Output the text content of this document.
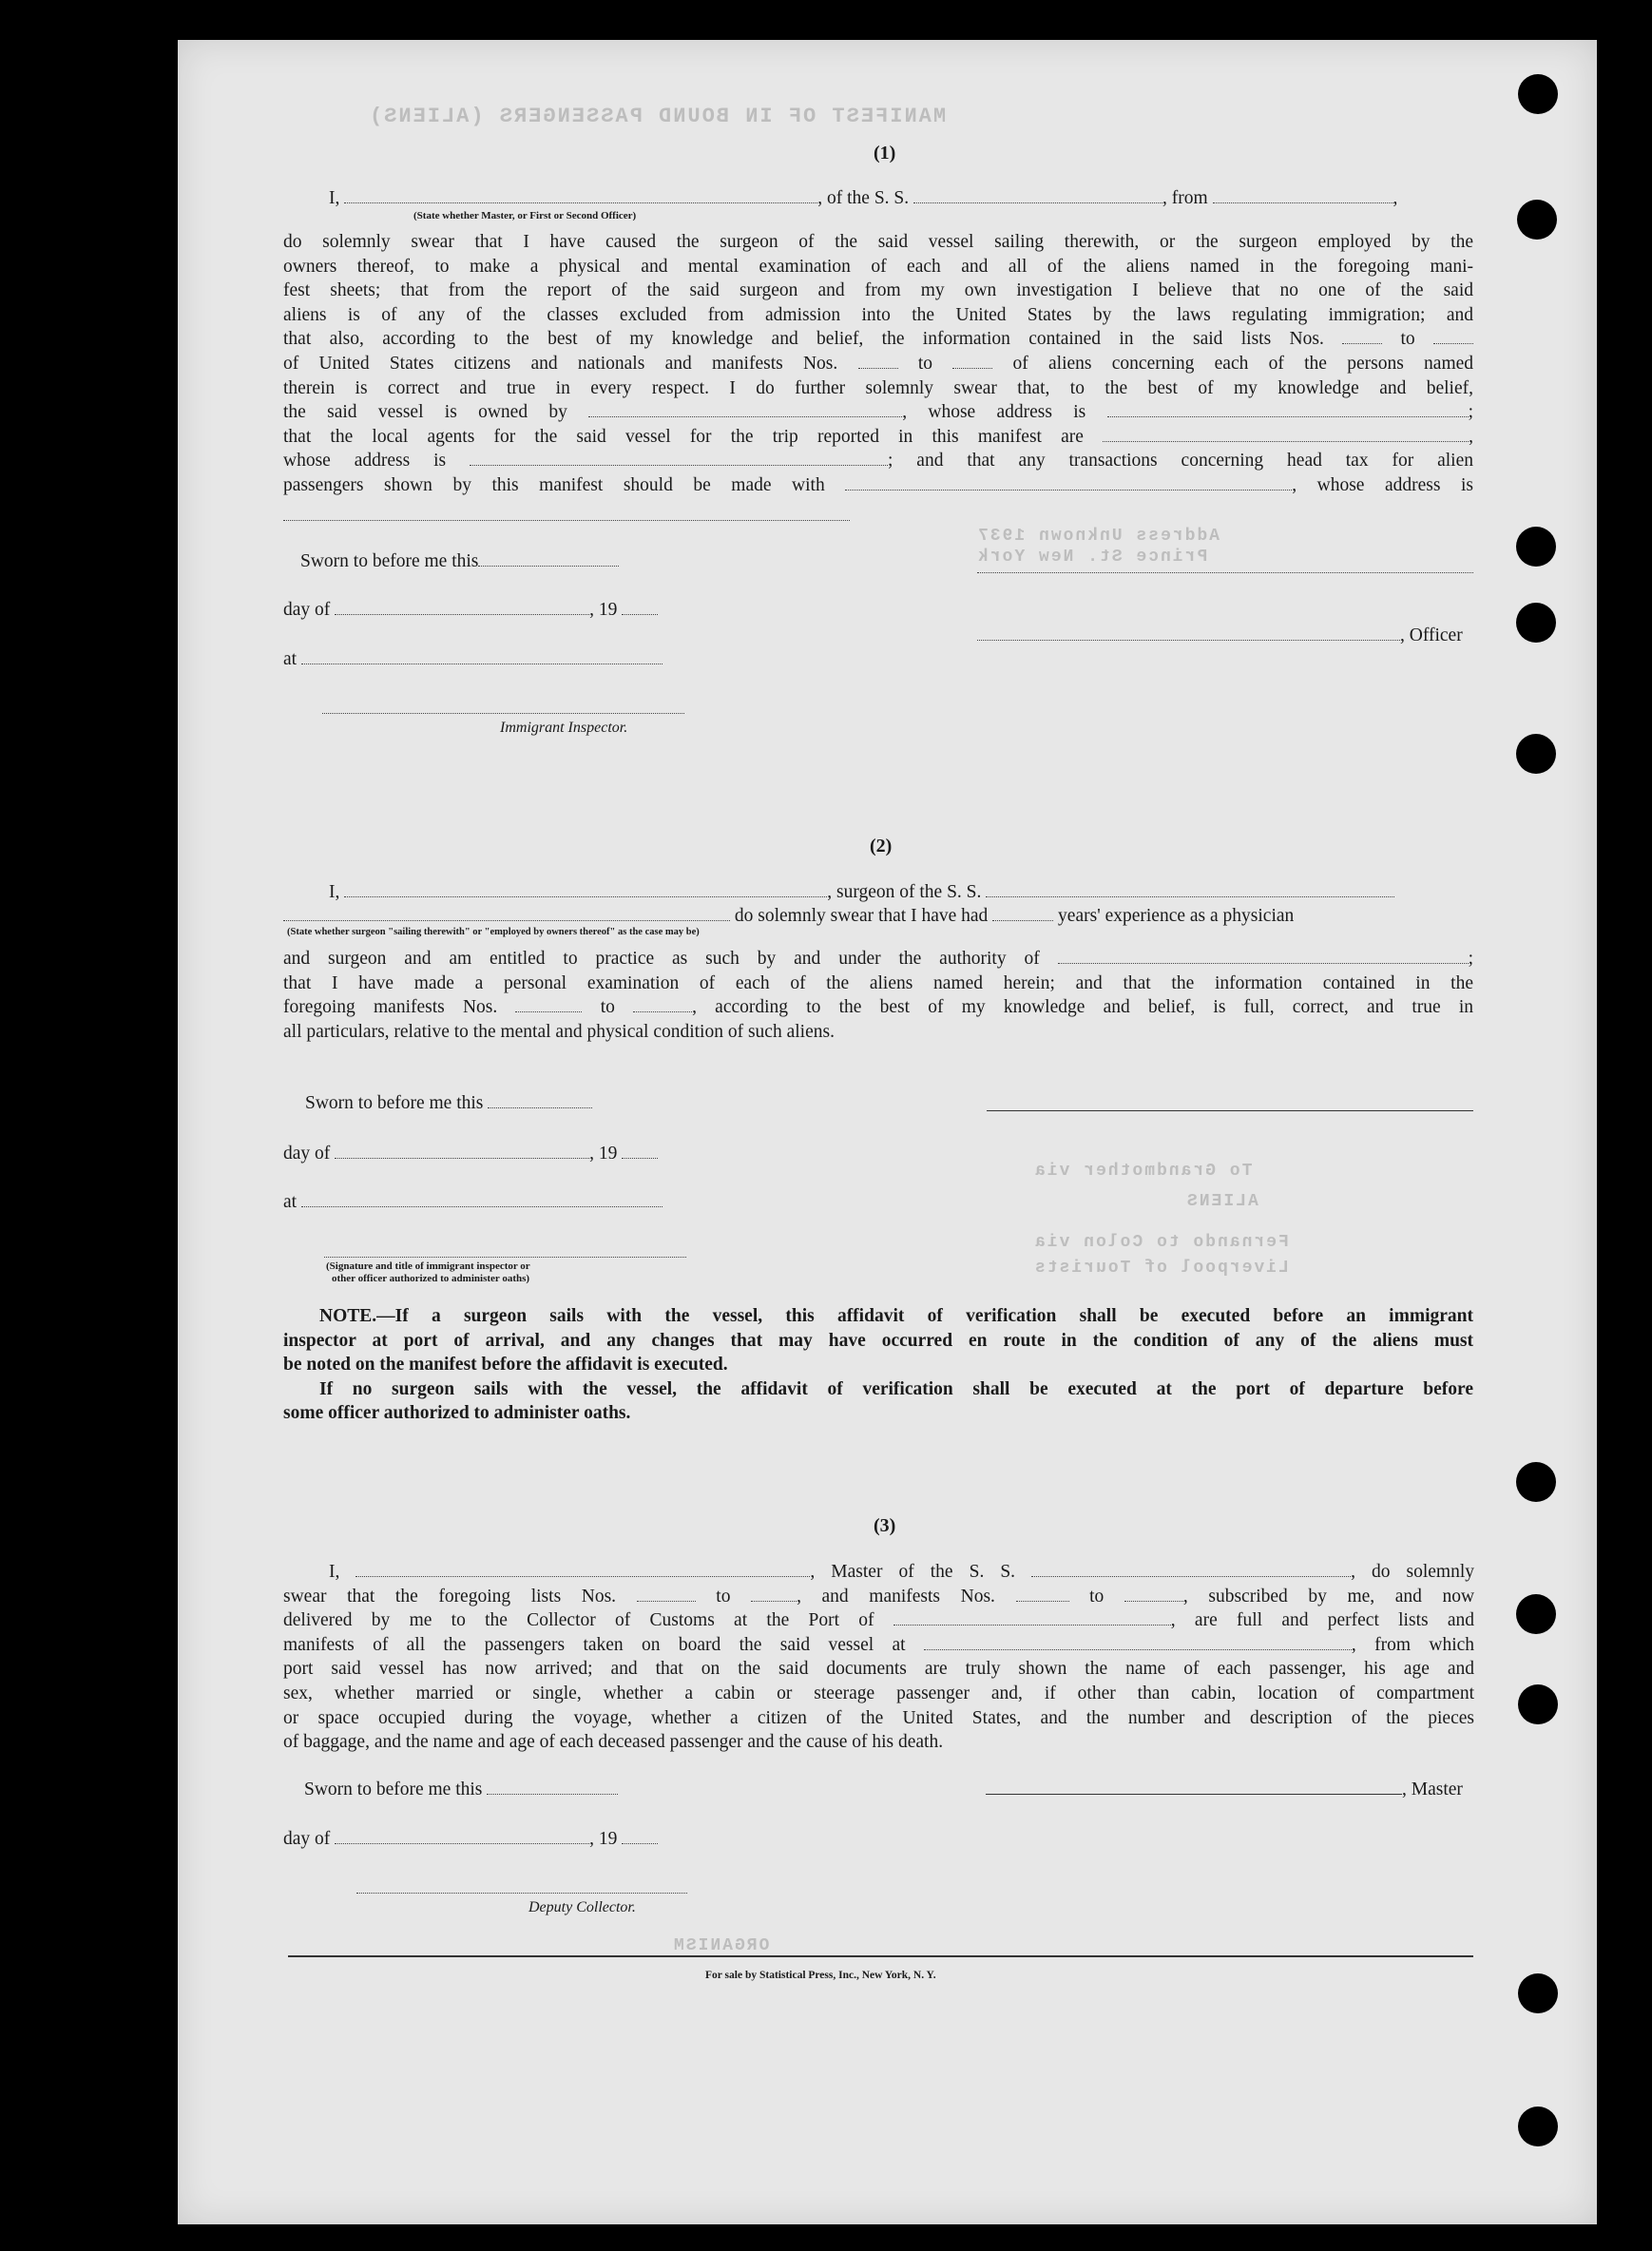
MANIFEST OF IN BOUND PASSENGERS (ALIENS)
Address Unknown 1937
Prince St. New York
To Grandmother via
Fernando to Colon via
Liverpool of Tourists
ALIENS
ORGANISM
(1)
I,	, of the S. S.	, from	,
(State whether Master, or First or Second Officer)
do solemnly swear that I have caused the surgeon of the said vessel sailing therewith, or the surgeon employed by the
owners thereof, to make a physical and mental examination of each and all of the aliens named in the foregoing mani-
fest sheets; that from the report of the said surgeon and from my own investigation I believe that no one of the said
aliens is of any of the classes excluded from admission into the United States by the laws regulating immigration; and
that also, according to the best of my knowledge and belief, the information contained in the said lists Nos.	to
of United States citizens and nationals and manifests Nos.	to	of aliens concerning each of the persons named
therein is correct and true in every respect. I do further solemnly swear that, to the best of my knowledge and belief,
the said vessel is owned by	, whose address is	;
that the local agents for the said vessel for the trip reported in this manifest are	,
whose address is	; and that any transactions concerning head tax for alien
passengers shown by this manifest should be made with	, whose address is
Sworn to before me this
day of	, 19
, Officer
at
Immigrant Inspector.
(2)
I,	, surgeon of the S. S.
do solemnly swear that I have had	years' experience as a physician
(State whether surgeon "sailing therewith" or "employed by owners thereof" as the case may be)
and surgeon and am entitled to practice as such by and under the authority of	;
that I have made a personal examination of each of the aliens named herein; and that the information contained in the
foregoing manifests Nos.	to	, according to the best of my knowledge and belief, is full, correct, and true in
all particulars, relative to the mental and physical condition of such aliens.
Sworn to before me this
day of	, 19
at
(Signature and title of immigrant inspector or
other officer authorized to administer oaths)
NOTE.—If a surgeon sails with the vessel, this affidavit of verification shall be executed before an immigrant
inspector at port of arrival, and any changes that may have occurred en route in the condition of any of the aliens must
be noted on the manifest before the affidavit is executed.
If no surgeon sails with the vessel, the affidavit of verification shall be executed at the port of departure before
some officer authorized to administer oaths.
(3)
I,	, Master of the S. S.	, do solemnly
swear that the foregoing lists Nos.	to	, and manifests Nos.	to	, subscribed by me, and now
delivered by me to the Collector of Customs at the Port of	, are full and perfect lists and
manifests of all the passengers taken on board the said vessel at	, from which
port said vessel has now arrived; and that on the said documents are truly shown the name of each passenger, his age and
sex, whether married or single, whether a cabin or steerage passenger and, if other than cabin, location of compartment
or space occupied during the voyage, whether a citizen of the United States, and the number and description of the pieces
of baggage, and the name and age of each deceased passenger and the cause of his death.
Sworn to before me this	, Master
day of	, 19
Deputy Collector.
For sale by Statistical Press, Inc., New York, N. Y.
